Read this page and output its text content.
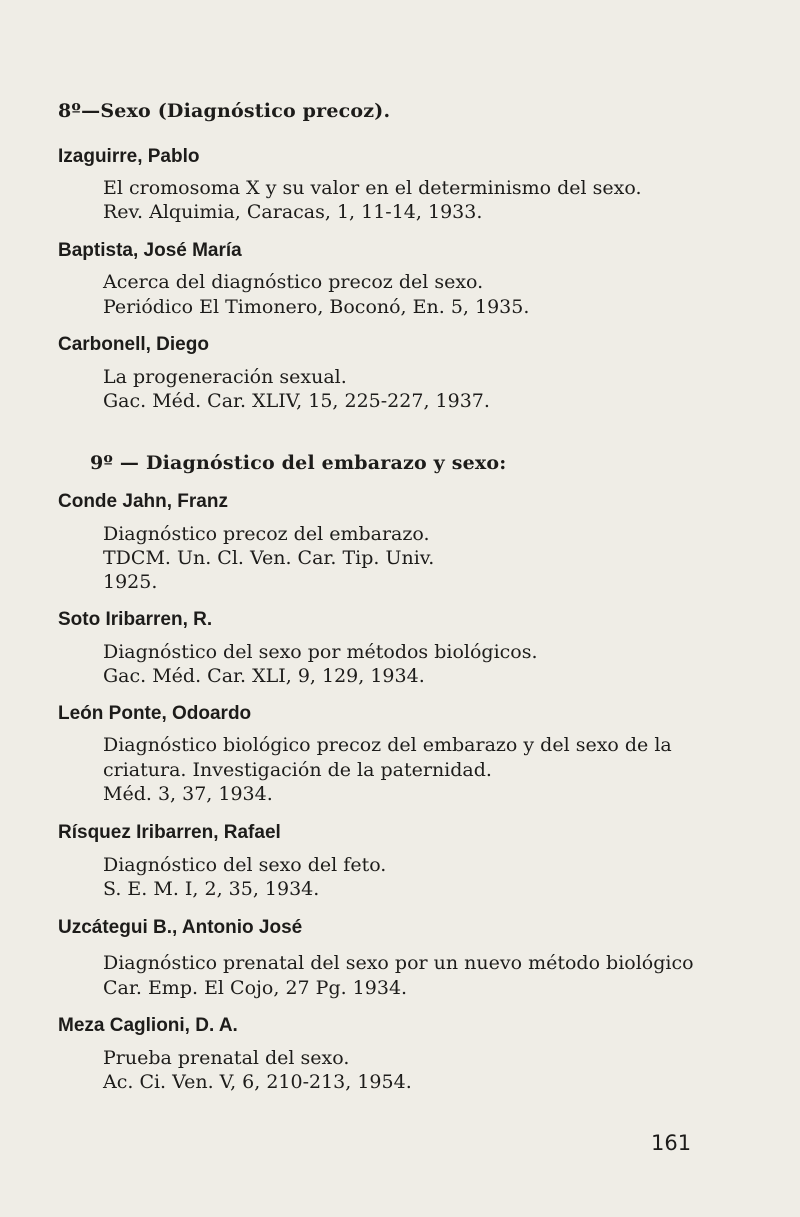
8º—Sexo (Diagnóstico precoz).
Izaguirre, Pablo
El cromosoma X y su valor en el determinismo del sexo.
Rev. Alquimia, Caracas, 1, 11-14, 1933.
Baptista, José María
Acerca del diagnóstico precoz del sexo.
Periódico El Timonero, Boconó, En. 5, 1935.
Carbonell, Diego
La progeneración sexual.
Gac. Méd. Car. XLIV, 15, 225-227, 1937.
9º — Diagnóstico del embarazo y sexo:
Conde Jahn, Franz
Diagnóstico precoz del embarazo.
TDCM. Un. Cl. Ven. Car. Tip. Univ.
1925.
Soto Iribarren, R.
Diagnóstico del sexo por métodos biológicos.
Gac. Méd. Car. XLI, 9, 129, 1934.
León Ponte, Odoardo
Diagnóstico biológico precoz del embarazo y del sexo de la
criatura. Investigación de la paternidad.
Méd. 3, 37, 1934.
Rísquez Iribarren, Rafael
Diagnóstico del sexo del feto.
S. E. M. I, 2, 35, 1934.
Uzcátegui B., Antonio José
Diagnóstico prenatal del sexo por un nuevo método biológico
Car. Emp. El Cojo, 27 Pg. 1934.
Meza Caglioni, D. A.
Prueba prenatal del sexo.
Ac. Ci. Ven. V, 6, 210-213, 1954.
161
